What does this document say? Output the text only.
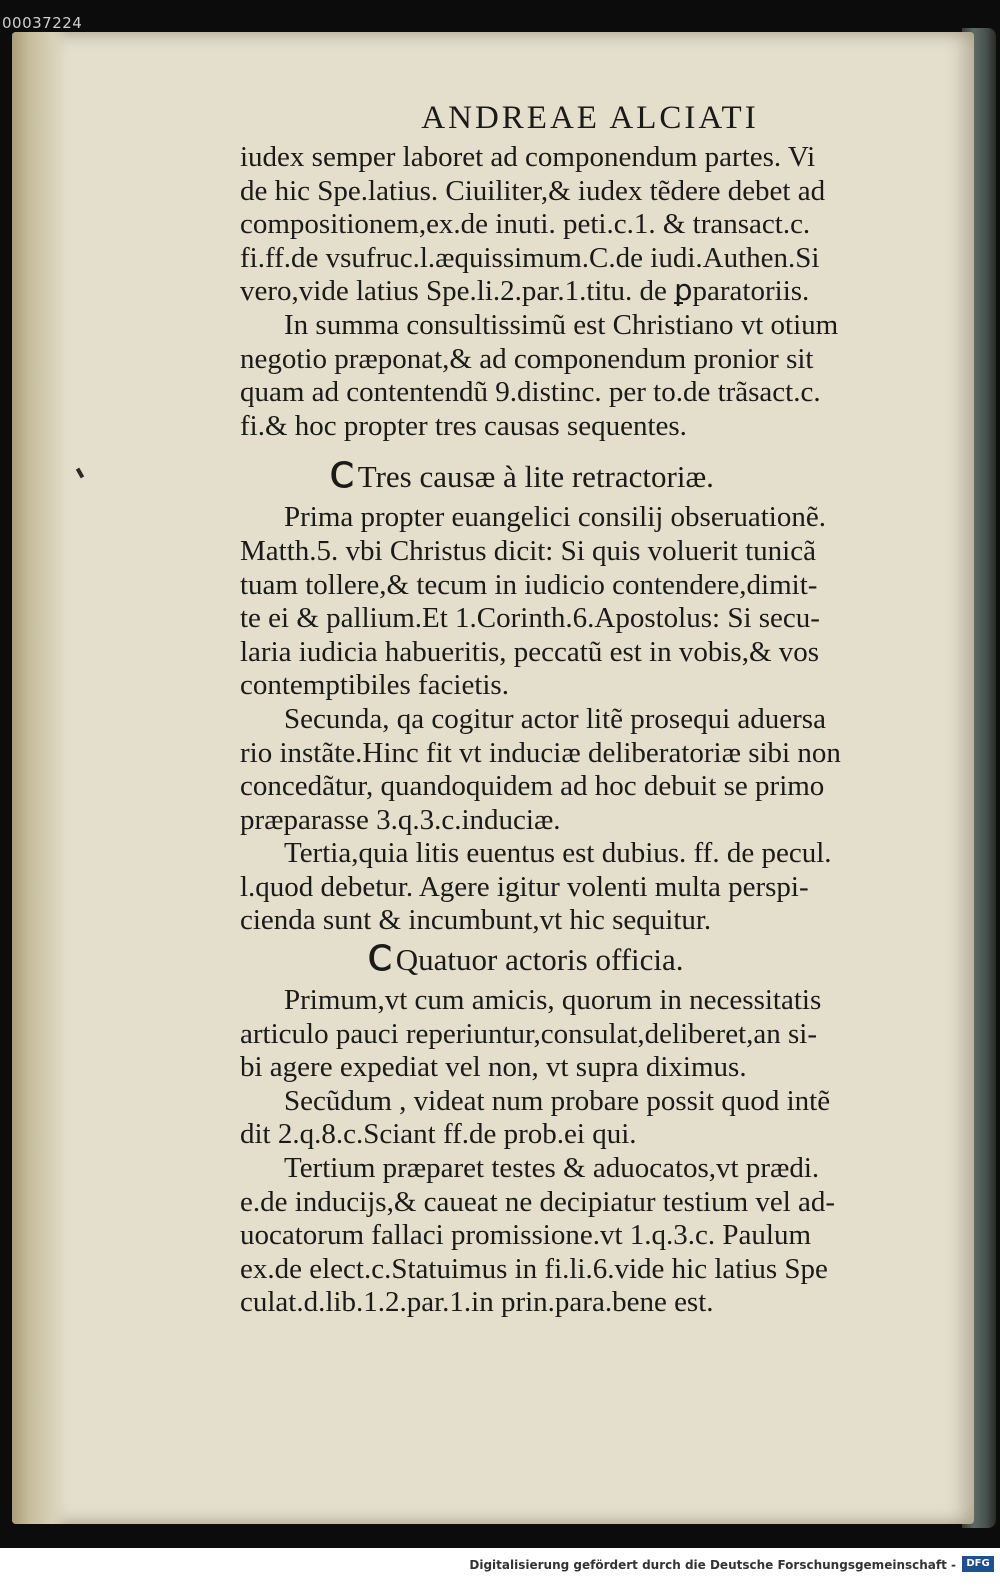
00037224
ANDREAE ALCIATI
iudex semper laboret ad componendum partes. Vi
de hic Spe.latius. Ciuiliter,& iudex tẽdere debet ad
compositionem,ex.de inuti. peti.c.1. & transact.c.
fi.ff.de vsufruc.l.æquissimum.C.de iudi.Authen.Si
vero,vide latius Spe.li.2.par.1.titu. de ꝑparatoriis.
In summa consultissimũ est Christiano vt otium
negotio præponat,& ad componendum pronior sit
quam ad contentendũ 9.distinc. per to.de trãsact.c.
fi.& hoc propter tres causas sequentes.
Ⅽ Tres causæ à lite retractoriæ.
Prima propter euangelici consilij obseruationẽ.
Matth.5. vbi Christus dicit: Si quis voluerit tunicã
tuam tollere,& tecum in iudicio contendere,dimit-
te ei & pallium.Et 1.Corinth.6.Apostolus: Si secu-
laria iudicia habueritis, peccatũ est in vobis,& vos
contemptibiles facietis.
Secunda, qa cogitur actor litẽ prosequi aduersa
rio instãte.Hinc fit vt induciæ deliberatoriæ sibi non
concedãtur, quandoquidem ad hoc debuit se primo
præparasse 3.q.3.c.induciæ.
Tertia,quia litis euentus est dubius. ff. de pecul.
l.quod debetur. Agere igitur volenti multa perspi-
cienda sunt & incumbunt,vt hic sequitur.
Ⅽ Quatuor actoris officia.
Primum,vt cum amicis, quorum in necessitatis
articulo pauci reperiuntur,consulat,deliberet,an si-
bi agere expediat vel non, vt supra diximus.
Secũdum , videat num probare possit quod intẽ
dit 2.q.8.c.Sciant ff.de prob.ei qui.
Tertium præparet testes & aduocatos,vt prædi.
e.de inducijs,& caueat ne decipiatur testium vel ad-
uocatorum fallaci promissione.vt 1.q.3.c. Paulum
ex.de elect.c.Statuimus in fi.li.6.vide hic latius Spe
culat.d.lib.1.2.par.1.in prin.para.bene est.
Digitalisierung gefördert durch die Deutsche Forschungsgemeinschaft -	DFG
